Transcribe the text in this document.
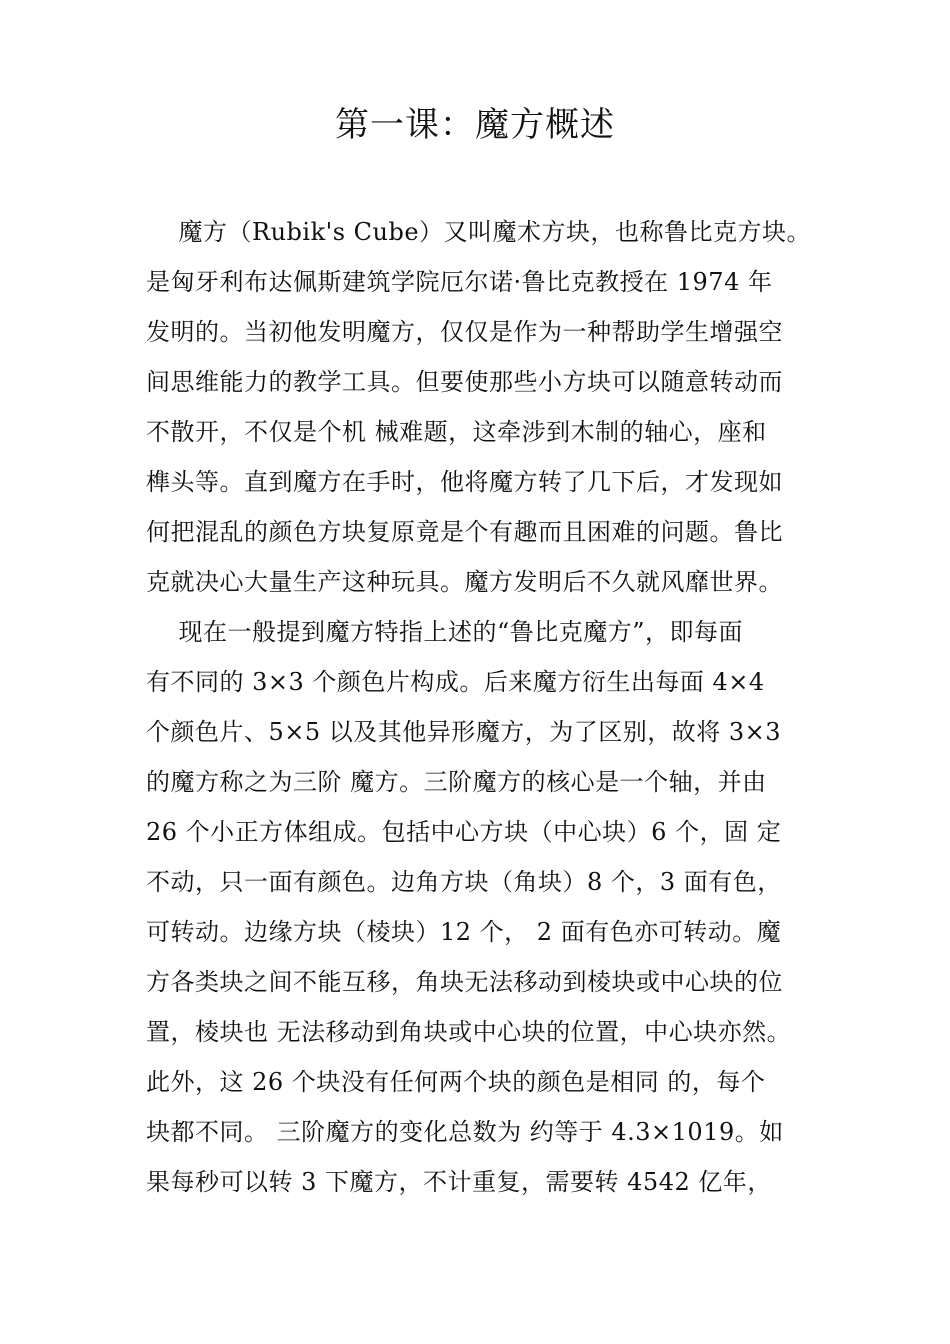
第一课：魔方概述
魔方（Rubik's Cube）又叫魔术方块，也称鲁比克方块。
是匈牙利布达佩斯建筑学院厄尔诺·鲁比克教授在 1974 年
发明的。当初他发明魔方，仅仅是作为一种帮助学生增强空
间思维能力的教学工具。但要使那些小方块可以随意转动而
不散开，不仅是个机 械难题，这牵涉到木制的轴心，座和
榫头等。直到魔方在手时，他将魔方转了几下后，才发现如
何把混乱的颜色方块复原竟是个有趣而且困难的问题。鲁比
克就决心大量生产这种玩具。魔方发明后不久就风靡世界。
现在一般提到魔方特指上述的“鲁比克魔方”，即每面
有不同的 3×3 个颜色片构成。后来魔方衍生出每面 4×4
个颜色片、5×5 以及其他异形魔方，为了区别，故将 3×3
的魔方称之为三阶 魔方。三阶魔方的核心是一个轴，并由
26 个小正方体组成。包括中心方块（中心块）6 个，固 定
不动，只一面有颜色。边角方块（角块）8 个，3 面有色，
可转动。边缘方块（棱块）12 个， 2 面有色亦可转动。魔
方各类块之间不能互移，角块无法移动到棱块或中心块的位
置，棱块也 无法移动到角块或中心块的位置，中心块亦然。
此外，这 26 个块没有任何两个块的颜色是相同 的，每个
块都不同。 三阶魔方的变化总数为 约等于 4.3×1019。如
果每秒可以转 3 下魔方，不计重复，需要转 4542 亿年，
